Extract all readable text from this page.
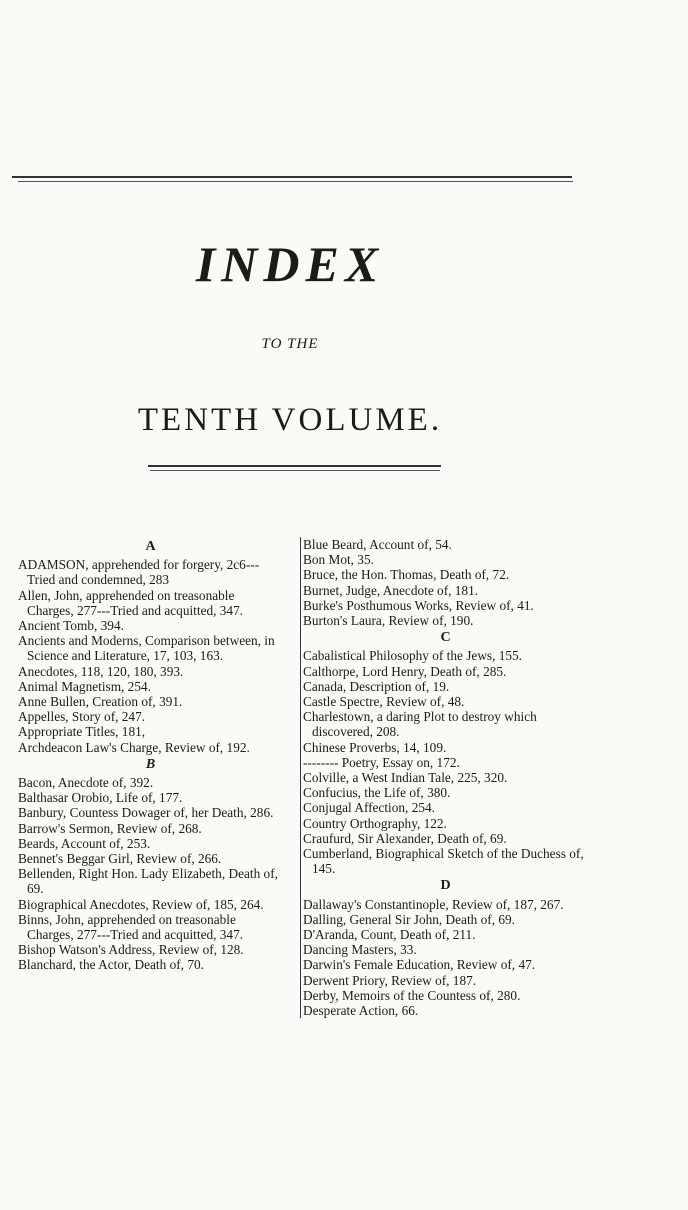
INDEX
TO THE
TENTH VOLUME.
A
ADAMSON, apprehended for forgery, 2c6---Tried and condemned, 283
Allen, John, apprehended on treasonable Charges, 277---Tried and acquitted, 347.
Ancient Tomb, 394.
Ancients and Moderns, Comparison between, in Science and Literature, 17, 103, 163.
Anecdotes, 118, 120, 180, 393.
Animal Magnetism, 254.
Anne Bullen, Creation of, 391.
Appelles, Story of, 247.
Appropriate Titles, 181,
Archdeacon Law's Charge, Review of, 192.
B
Bacon, Anecdote of, 392.
Balthasar Orobio, Life of, 177.
Banbury, Countess Dowager of, her Death, 286.
Barrow's Sermon, Review of, 268.
Beards, Account of, 253.
Bennet's Beggar Girl, Review of, 266.
Bellenden, Right Hon. Lady Elizabeth, Death of, 69.
Biographical Anecdotes, Review of, 185, 264.
Binns, John, apprehended on treasonable Charges, 277---Tried and acquitted, 347.
Bishop Watson's Address, Review of, 128.
Blanchard, the Actor, Death of, 70.
Blue Beard, Account of, 54.
Bon Mot, 35.
Bruce, the Hon. Thomas, Death of, 72.
Burnet, Judge, Anecdote of, 181.
Burke's Posthumous Works, Review of, 41.
Burton's Laura, Review of, 190.
C
Cabalistical Philosophy of the Jews, 155.
Calthorpe, Lord Henry, Death of, 285.
Canada, Description of, 19.
Castle Spectre, Review of, 48.
Charlestown, a daring Plot to destroy which discovered, 208.
Chinese Proverbs, 14, 109.
-------- Poetry, Essay on, 172.
Colville, a West Indian Tale, 225, 320.
Confucius, the Life of, 380.
Conjugal Affection, 254.
Country Orthography, 122.
Craufurd, Sir Alexander, Death of, 69.
Cumberland, Biographical Sketch of the Duchess of, 145.
D
Dallaway's Constantinople, Review of, 187, 267.
Dalling, General Sir John, Death of, 69.
D'Aranda, Count, Death of, 211.
Dancing Masters, 33.
Darwin's Female Education, Review of, 47.
Derwent Priory, Review of, 187.
Derby, Memoirs of the Countess of, 280.
Desperate Action, 66.
